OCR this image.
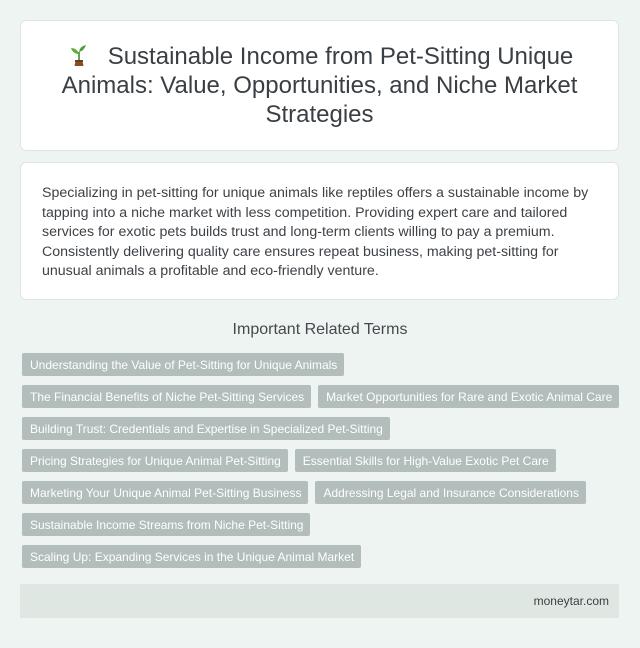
Sustainable Income from Pet-Sitting Unique Animals: Value, Opportunities, and Niche Market Strategies

Specializing in pet-sitting for unique animals like reptiles offers a sustainable income by tapping into a niche market with less competition. Providing expert care and tailored services for exotic pets builds trust and long-term clients willing to pay a premium. Consistently delivering quality care ensures repeat business, making pet-sitting for unusual animals a profitable and eco-friendly venture.

Important Related Terms
Understanding the Value of Pet-Sitting for Unique Animals
The Financial Benefits of Niche Pet-Sitting Services	Market Opportunities for Rare and Exotic Animal Care
Building Trust: Credentials and Expertise in Specialized Pet-Sitting
Pricing Strategies for Unique Animal Pet-Sitting	Essential Skills for High-Value Exotic Pet Care
Marketing Your Unique Animal Pet-Sitting Business	Addressing Legal and Insurance Considerations
Sustainable Income Streams from Niche Pet-Sitting
Scaling Up: Expanding Services in the Unique Animal Market
moneytar.com
